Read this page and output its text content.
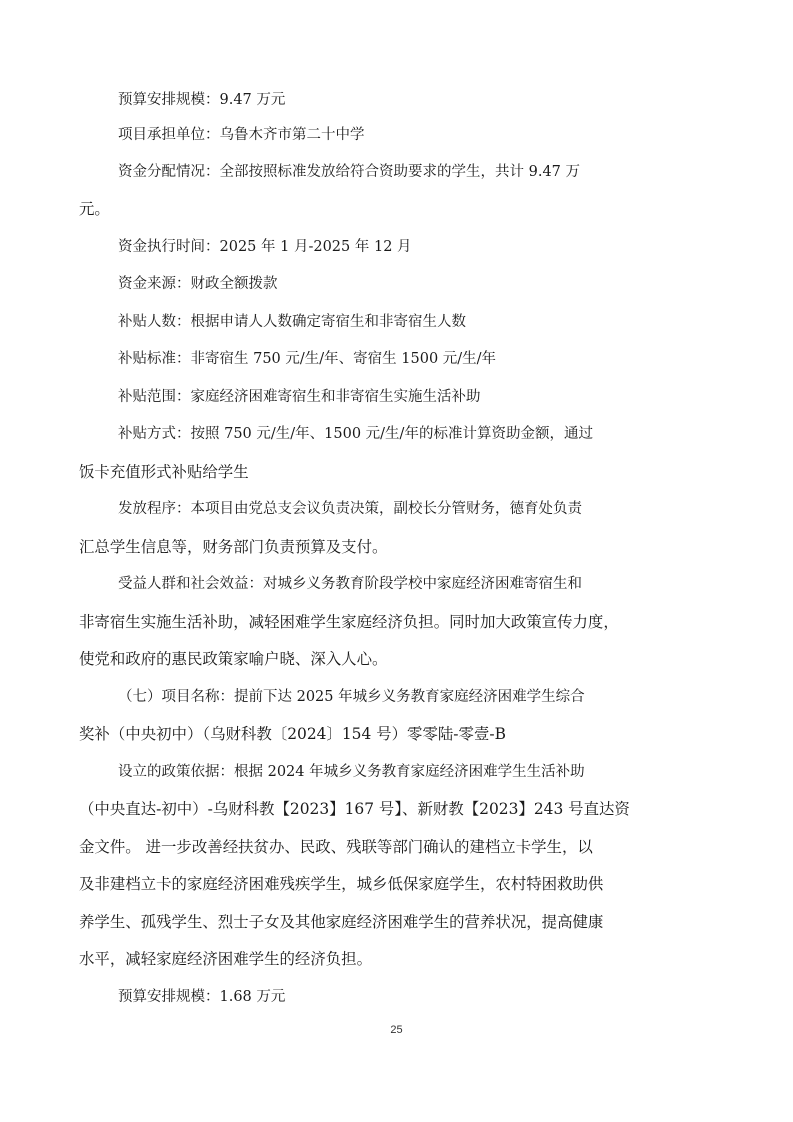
预算安排规模：9.47 万元
项目承担单位：乌鲁木齐市第二十中学
资金分配情况：全部按照标准发放给符合资助要求的学生，共计 9.47 万
元。
资金执行时间：2025 年 1 月-2025 年 12 月
资金来源：财政全额拨款
补贴人数：根据申请人人数确定寄宿生和非寄宿生人数
补贴标准：非寄宿生 750 元/生/年、寄宿生 1500 元/生/年
补贴范围：家庭经济困难寄宿生和非寄宿生实施生活补助
补贴方式：按照 750 元/生/年、1500 元/生/年的标准计算资助金额，通过
饭卡充值形式补贴给学生
发放程序：本项目由党总支会议负责决策，副校长分管财务，德育处负责
汇总学生信息等，财务部门负责预算及支付。
受益人群和社会效益：对城乡义务教育阶段学校中家庭经济困难寄宿生和
非寄宿生实施生活补助，减轻困难学生家庭经济负担。同时加大政策宣传力度，
使党和政府的惠民政策家喻户晓、深入人心。
（七）项目名称：提前下达 2025 年城乡义务教育家庭经济困难学生综合
奖补（中央初中）（乌财科教〔2024〕154 号）零零陆-零壹-B
设立的政策依据：根据 2024 年城乡义务教育家庭经济困难学生生活补助
（中央直达-初中）-乌财科教【2023】167 号】、新财教【2023】243 号直达资
金文件。 进一步改善经扶贫办、民政、残联等部门确认的建档立卡学生，以
及非建档立卡的家庭经济困难残疾学生，城乡低保家庭学生，农村特困救助供
养学生、孤残学生、烈士子女及其他家庭经济困难学生的营养状况，提高健康
水平，减轻家庭经济困难学生的经济负担。
预算安排规模：1.68 万元
25
